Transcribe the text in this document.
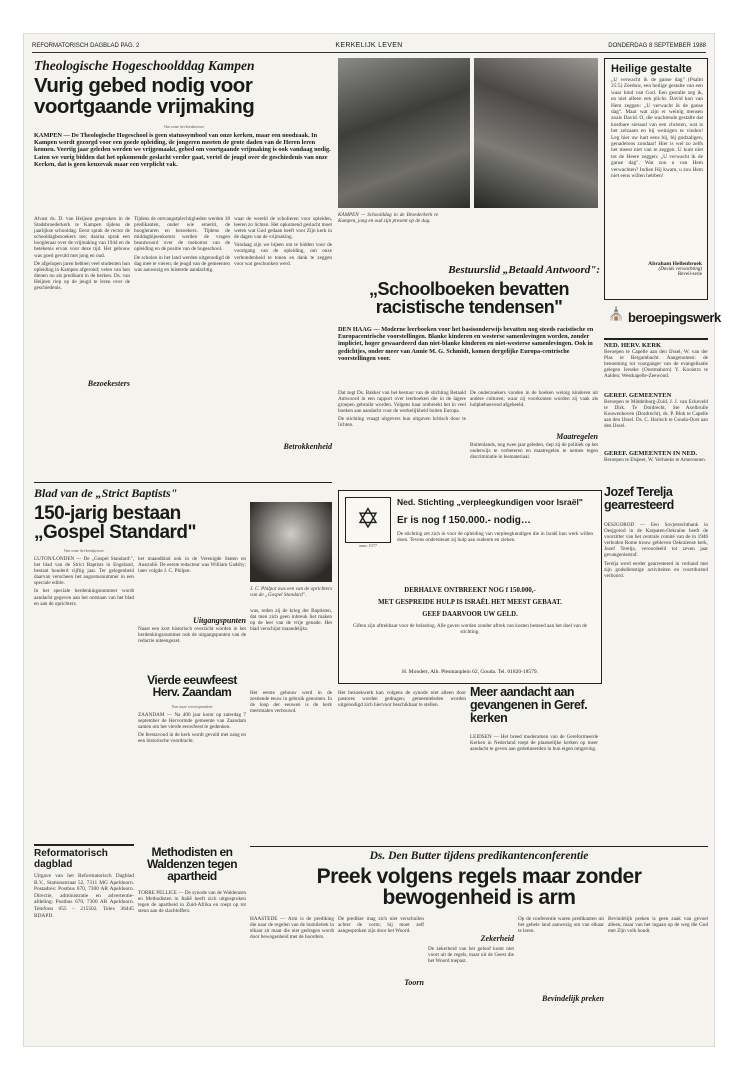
REFORMATORISCH DAGBLAD PAG. 2	KERKELIJK LEVEN	DONDERDAG 8 SEPTEMBER 1988
Theologische Hogeschoolddag Kampen
Vurig gebed nodig voor voortgaande vrijmaking
Van onze kerkredacteur
KAMPEN — De Theologische Hogeschool is geen statussymbool van onze kerken, maar een noodzaak. In Kampen wordt gezorgd voor een goede opleiding, de jongeren moeten de grote daden van de Heren leren kennen. Veertig jaar geleden werden we vrijgemaakt, gebed om voortgaande vrijmaking is ook vandaag nodig. Laten we vurig bidden dat het opkomende geslacht verder gaat, vertel de jeugd over de geschiedenis van onze Kerken, dat is geen keuzevak maar een verplicht vak.

Alvast ds. D. van Heijnen gesproken in de Stadsbroederkerk te Kampen tijdens de jaarlijkse schooldag. Eerst sprak de rector de schooldagbezoekers toe; daarna sprak een hoogleraar over de vrijmaking van 1944 en de betekenis ervan voor deze tijd. Het gebouw was goed gevuld met jong en oud.

De afgelopen jaren hebben veel studenten hun opleiding in Kampen afgerond; velen van hen dienen nu als predikant in de kerken. Ds. van Heijnen riep op de jeugd te leren over de geschiedenis.

Bezoekesters

Tijdens de ontvangstplechtigheden werden 18 predikanten, onder wie emeriti, de hoogleraren en bezoekers. Tijdens de middagbijeenkomst werden de vragen beantwoord over de toekomst van de opleiding en de positie van de hogeschool.

De scholen in het land werden uitgenodigd de dag mee te vieren; de jeugd van de gemeenten was aanwezig en luisterde aandachtig.

waar de wereld de scholieren voor opleiden, leeren zo lichten. Het opkomend geslacht moet weten wat God gedaan heeft voor Zijn kerk in de dagen van de vrijmaking.

Vandaag zijn we bijeen om te bidden voor de voortgang van de opleiding, om onze verbondenheid te tonen en dank te zeggen voor wat geschonken werd.

Betrokkenheid
KAMPEN — Schoolddag in de Broederkerk te Kampen, jong en oud zijn present op de dag.
Heilige gestalte
„U verwacht ik de ganse dag" (Psalm 25:5) Zeeduw, een heilige gestalte van een waar kind van God. Een gestalte zeg ik, en niet alleen een plicht. David kon van Hem zeggen: „U verwacht ik de ganse dag". Maar wat zijn er weinig mensen zoals David. O, die wachtende gestalte dat kostbare sieraad van een christen, wat is het zelzaam en bij weinigen te vinden! Leg hier uw hart eens bij, bij godzaligen, genadeloos zondaar! Hier is wel zo zelfs het meest niet van te zeggen. U kunt niet tot de Heere zeggen: „U verwacht ik de ganse dag". Wat zou u van Hem verwachten? Indien Hij kwam, u zou Hem niet eens willen hebben!
Abraham Hellenbroek
(Davids verwachting)
Reveil-serie
⛪ beroepingswerk
NED. HERV. KERK
Beroepen te Capelle aan den IJssel, W. van der Plas te Bergambacht. Aangenomen: de benoeming tot voorganger van de evangelisatie gelegen Ierseke (Oostmahorn) Y. Kooistra te Aalden; Westkapelle-Zeewoud.
GEREF. GEMEENTEN
Beroepen te Middelburg-Zuid, J. J. van Eckeveld te Dirk. Te Dordrecht, Ste Axelbrulle Kouwenhoven (Dordrecht), ds. P. Blok te Capelle aan den IJssel. Ds. C. Harinck te Gouda-Oost aan den IJssel.
GEREF. GEMEENTEN IN NED.
Beroepen te Elspeet, W. Verhoeks te Ameronnen.
Bestuurslid „Betaald Antwoord":
„Schoolboeken bevatten racistische tendensen"
DEN HAAG — Moderne leerboeken voor het basisonderwijs bevatten nog steeds racistische en Europacentrische voorstellingen. Blanke kinderen en westerse samenlevingen worden, zonder impliciet, hoger gewaardeerd dan niet-blanke kinderen en niet-westerse samenlevingen. Ook in gedichtjes, onder meer van Annie M. G. Schmidt, komen dergelijke Europa-centrische voorstellingen voor.

Dat zegt Ds. Bakker van het bestuur van de stichting Betaald Antwoord in een rapport over leerboeken die in de lagere groepen gebruikt worden. Volgens haar ontbreekt het in veel boeken aan aandacht voor de werkelijkheid buiten Europa.

De stichting vraagt uitgevers hun uitgaven kritisch door te lichten.

De onderzoekers vonden in de boeken weinig kinderen uit andere culturen; waar zij voorkomen worden zij vaak als hulpbehoevend afgebeeld.

Maatregelen

Buitenlands, nog twee jaar geleden, riep zij de politiek op het onderwijs te verbeteren en maatregelen te nemen tegen discriminatie in lesmateriaal.

Blad van de „Strict Baptists"
150-jarig bestaan „Gospel Standard"
J. C. Philpot was een van de oprichters van de „Gospel Standard".
Van onze kerkredacteur

LUTON/LONDEN — De „Gospel Standard\", het blad van de Strict Baptists in Engeland, bestaat honderd vijftig jaar. Ter gelegenheid daarvan verscheen het augustusnummer in een speciale editie.

In het speciale herdenkingsnummer wordt aandacht gegeven aan het ontstaan van het blad en aan de oprichters.

het maandblad ook in de Verenigde Staten en Australië. De eerste redacteur was William Gadsby; later volgde J. C. Philpot.

Uitgangspunten

Naast een kort historisch overzicht worden in het herdenkingsnummer ook de uitgangspunten van de redactie uiteengezet.

was, reden zij de krieg der Baptisten, dat men zich geen inbreuk liet maken op de leer van de vrije genade. Het blad verschijnt maandelijks.

✡
anno 1977
Ned. Stichting „verpleegkundigen voor Israël"
Er is nog f 150.000.- nodig…

De stichting zet zich in voor de opleiding van verpleegkundigen die in Israël hun werk willen doen. Tevens ondersteunt zij hulp aan ouderen en zieken.

DERHALVE ONTBREEKT NOG f 150.000,-
MET GESPREIDE HULP IS ISRAËL HET MEEST GEBAAT.
GEEF DAARVOOR UW GELD.

Giften zijn aftrekbaar voor de belasting. Alle gaven worden zonder aftrek van kosten besteed aan het doel van de stichting.

H. Mondert, Alb. Plesmanplein 62, Gouda. Tel. 01820-18579.
Vierde eeuwfeest Herv. Zaandam
Van onze correspondent

ZAANDAM — Na 400 jaar komt op zaterdag 7 september de Hervormde gemeente van Zaandam samen om het vierde eeuwfeest te gedenken.

De feestavond in de kerk wordt gevuld met zang en een historische voordracht.

Het eerste gebouw werd in de zestiende eeuw in gebruik genomen. In de loop der eeuwen is de kerk meermalen verbouwd.

Meer aandacht aan gevangenen in Geref. kerken

LEIDSEN — Het breed moderamen van de Gereformeerde Kerken in Nederland roept de plaatselijke kerken op meer aandacht te geven aan gedetineerden in hun eigen omgeving.

Het bezoekwerk kan volgens de synode niet alleen door pastores worden gedragen; gemeenteleden worden uitgenodigd zich hiervoor beschikbaar te stellen.

Jozef Terelja gearresteerd

OESJGOROD — Een Sovjetrechtbank in Oesjgorod in de Karpaten-Oekraïne heeft de voorzitter van het centrale comité van de in 1946 verboden Rome trouw gebleven Oekraïense kerk, Jozef Terelja, veroordeeld tot zeven jaar gevangenisstraf.

Terelja werd eerder gearresteerd in verband met zijn godsdienstige activiteiten en voortdurend verhoord.

Methodisten en Waldenzen tegen apartheid

TORRE PELLICE — De synode van de Waldenzen en Methodisten in Italië heeft zich uitgesproken tegen de apartheid in Zuid-Afrika en roept op tot steun aan de slachtoffers.

Reformatorisch dagblad
Uitgave van het Reformatorisch Dagblad B.V., Stationsstraat 52, 7311 MG Apeldoorn. Postadres: Postbus 670, 7300 AR Apeldoorn. Directie, administratie en advertentie-afdeling: Postbus 670, 7300 AR Apeldoorn. Telefoon 055 – 215502. Telex 36445 RDAPD.
Ds. Den Butter tijdens predikantenconferentie
Preek volgens regels maar zonder bewogenheid is arm

HAASTEDE — Arm is de prediking die naar de regelen van de homiletiek in elkaar zit maar die niet gedragen wordt door bewogenheid met de hoorders.

Toorn

De prediker mag zich niet verschuilen achter de vorm; hij moet zelf aangesproken zijn door het Woord.

Zekerheid

De zekerheid van het geloof komt niet voort uit de regels, maar uit de Geest die het Woord toepast.

Op de conferentie waren predikanten uit het gehele land aanwezig om van elkaar te leren.

Bevindelijk preken

Bevindelijk preken is geen zaak van gevoel alleen, maar van het ingaan op de weg die God met Zijn volk houdt.
